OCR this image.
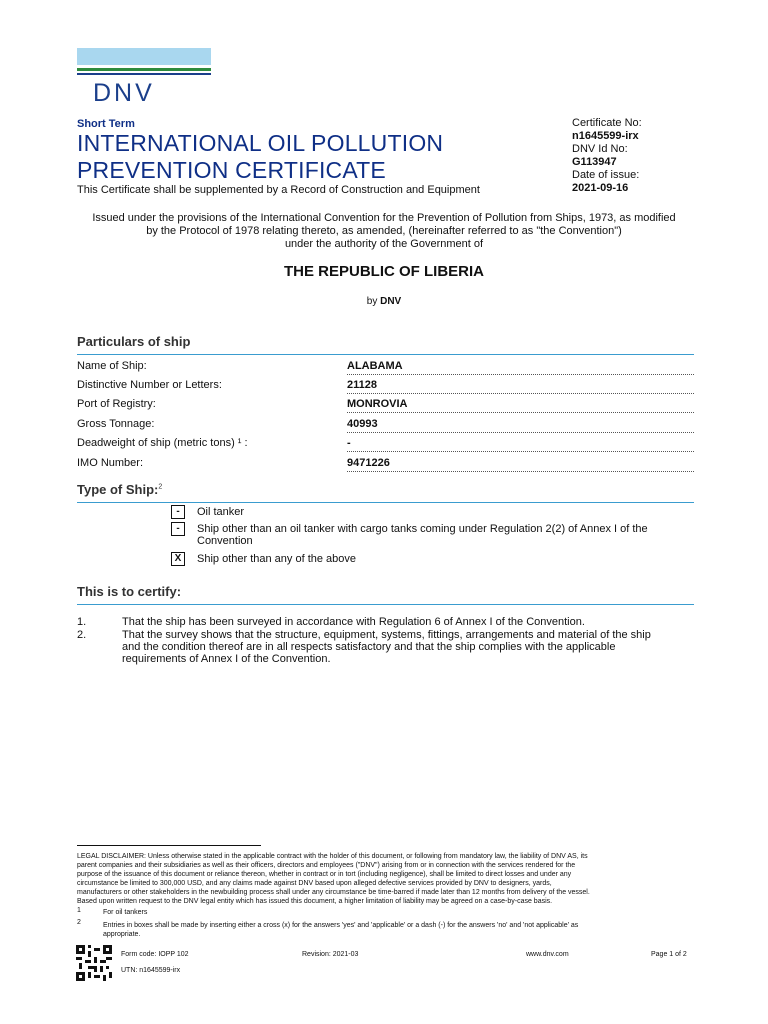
DNV
Short Term
INTERNATIONAL OIL POLLUTION
PREVENTION CERTIFICATE
This Certificate shall be supplemented by a Record of Construction and Equipment
Certificate No:
n1645599-irx
DNV Id No:
G113947
Date of issue:
2021-09-16
Issued under the provisions of the International Convention for the Prevention of Pollution from Ships, 1973, as modified
by the Protocol of 1978 relating thereto, as amended, (hereinafter referred to as "the Convention")
under the authority of the Government of
THE REPUBLIC OF LIBERIA
by DNV
Particulars of ship
Name of Ship:	ALABAMA
Distinctive Number or Letters:	21128
Port of Registry:	MONROVIA
Gross Tonnage:	40993
Deadweight of ship (metric tons) ¹ :	-
IMO Number:	9471226
Type of Ship:$^2$
-	Oil tanker
-	Ship other than an oil tanker with cargo tanks coming under Regulation 2(2) of Annex I of the
Convention
X	Ship other than any of the above
This is to certify:
1.	That the ship has been surveyed in accordance with Regulation 6 of Annex I of the Convention.
2.	That the survey shows that the structure, equipment, systems, fittings, arrangements and material of the ship
and the condition thereof are in all respects satisfactory and that the ship complies with the applicable
requirements of Annex I of the Convention.
LEGAL DISCLAIMER: Unless otherwise stated in the applicable contract with the holder of this document, or following from mandatory law, the liability of DNV AS, its
parent companies and their subsidiaries as well as their officers, directors and employees ("DNV") arising from or in connection with the services rendered for the
purpose of the issuance of this document or reliance thereon, whether in contract or in tort (including negligence), shall be limited to direct losses and under any
circumstance be limited to 300,000 USD, and any claims made against DNV based upon alleged defective services provided by DNV to designers, yards,
manufacturers or other stakeholders in the newbuilding process shall under any circumstance be time-barred if made later than 12 months from delivery of the vessel.
Based upon written request to the DNV legal entity which has issued this document, a higher limitation of liability may be agreed on a case-by-case basis.
1	For oil tankers
2	Entries in boxes shall be made by inserting either a cross (x) for the answers 'yes' and 'applicable' or a dash (-) for the answers 'no' and 'not applicable' as
appropriate.
Form code: IOPP 102	Revision: 2021-03	www.dnv.com	Page 1 of 2
UTN: n1645599-irx
